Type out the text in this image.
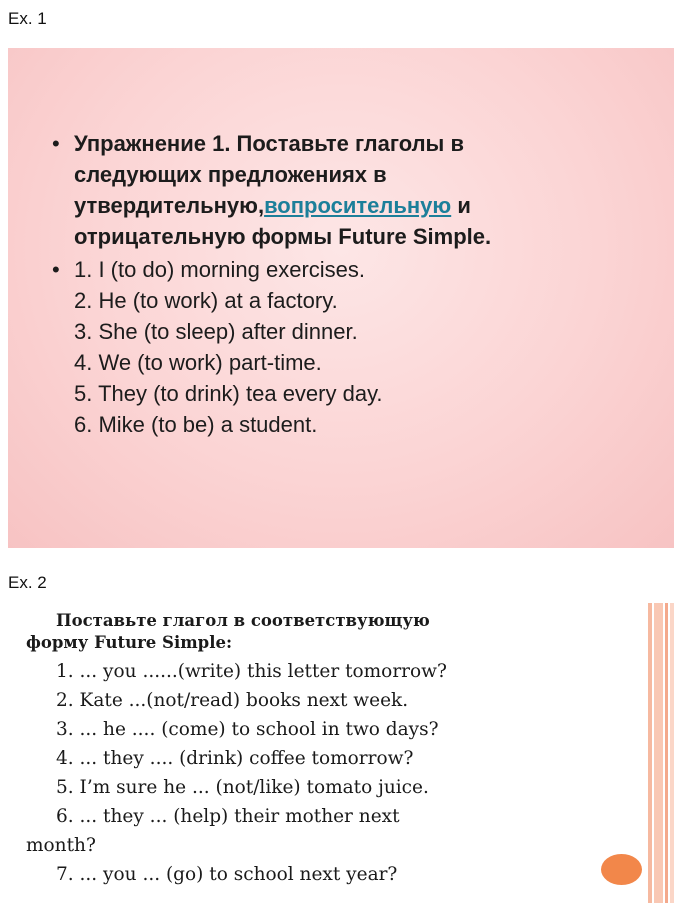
Ex. 1
• Упражнение 1. Поставьте глаголы в
следующих предложениях в
утвердительную,вопросительную и
отрицательную формы Future Simple.
• 1. I (to do) morning exercises.
2. He (to work) at a factory.
3. She (to sleep) after dinner.
4. We (to work) part-time.
5. They (to drink) tea every day.
6. Mike (to be) a student.
Ex. 2
Поставьте глагол в соответствующую
форму Future Simple:
1. ... you ......(write) this letter tomorrow?
2. Kate ...(not/read) books next week.
3. ... he .... (come) to school in two days?
4. ... they .... (drink) coffee tomorrow?
5. I’m sure he ... (not/like) tomato juice.
6. ... they ... (help) their mother next
month?
7. ... you ... (go) to school next year?
